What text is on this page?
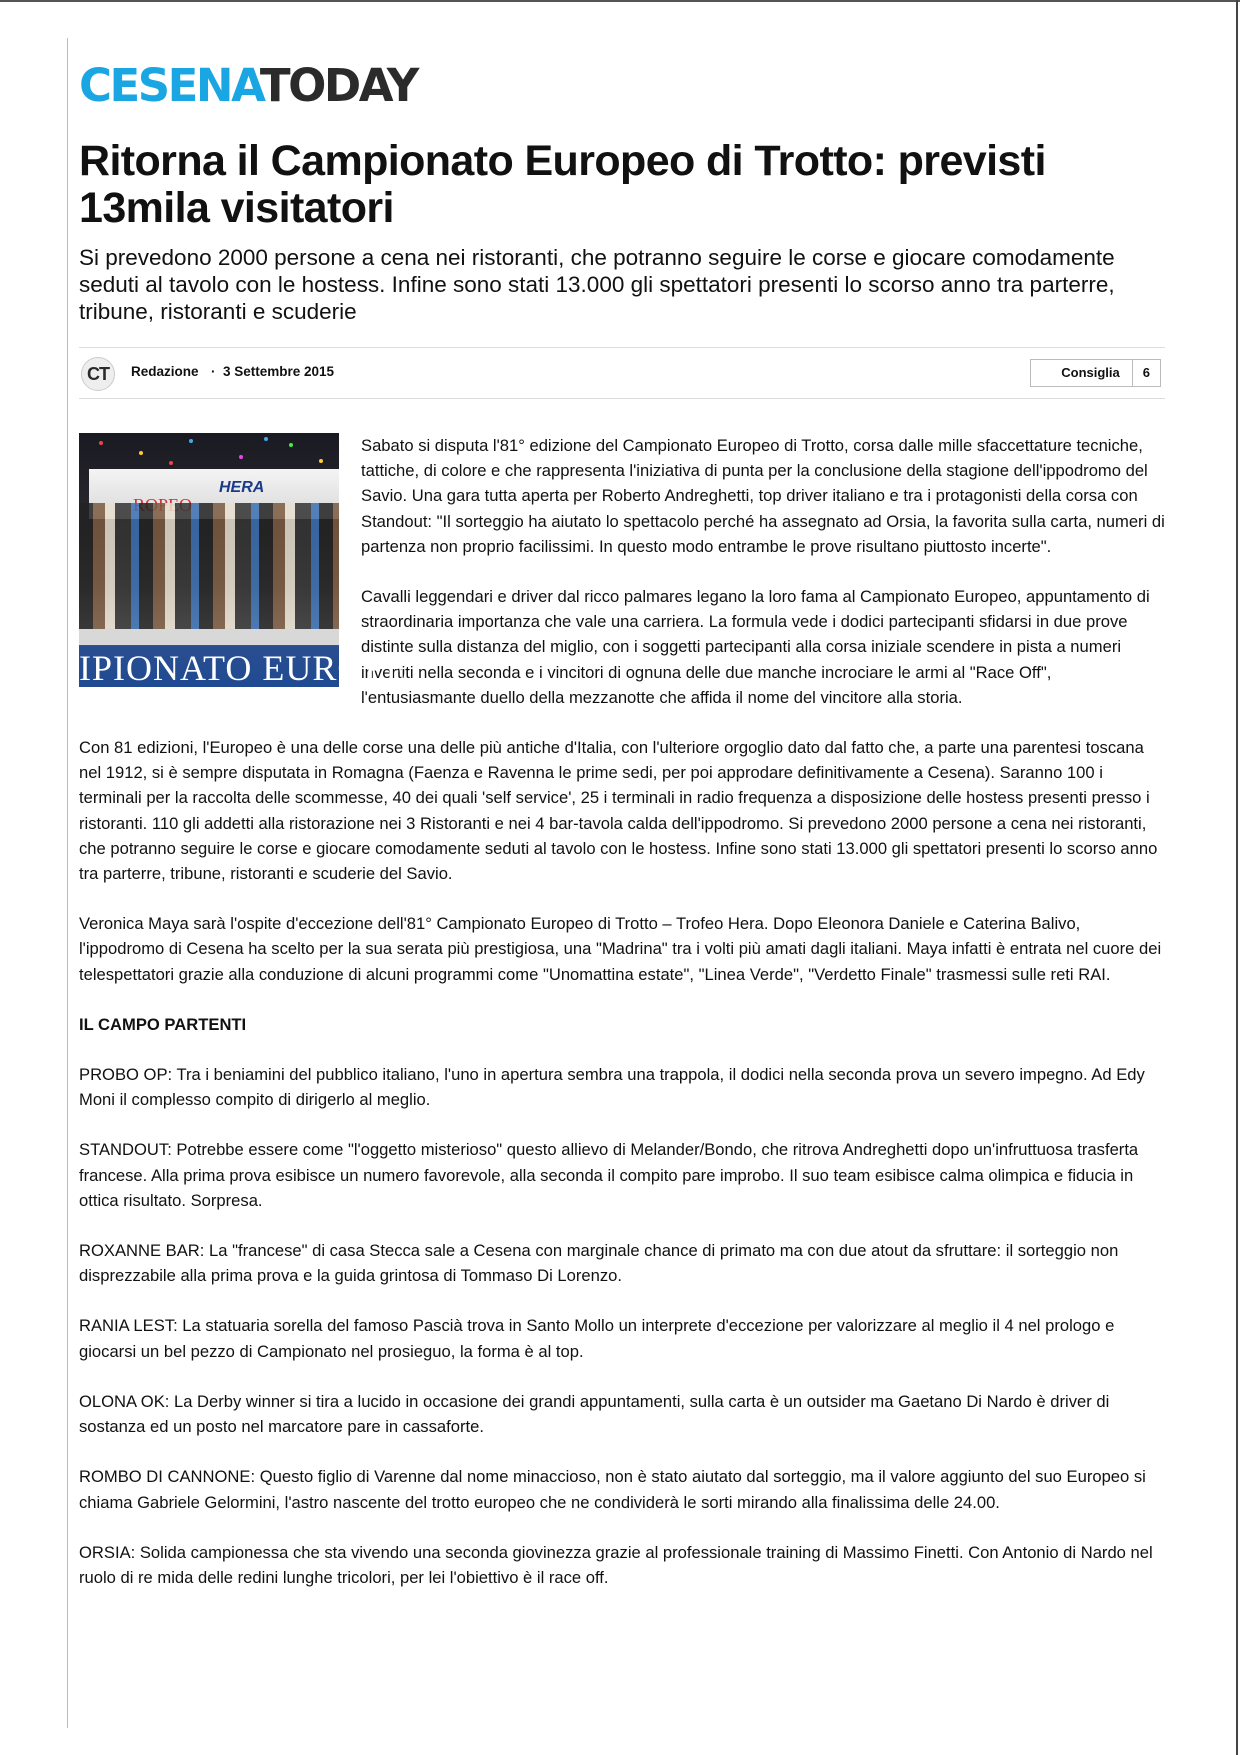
CESENATODAY
Ritorna il Campionato Europeo di Trotto: previsti 13mila visitatori
Si prevedono 2000 persone a cena nei ristoranti, che potranno seguire le corse e giocare comodamente seduti al tavolo con le hostess. Infine sono stati 13.000 gli spettatori presenti lo scorso anno tra parterre, tribune, ristoranti e scuderie
CT	Redazione · 3 Settembre 2015	Consiglia	6
HERA
IPIONATO EUROPE

Sabato si disputa l'81° edizione del Campionato Europeo di Trotto, corsa dalle mille sfaccettature tecniche, tattiche, di colore e che rappresenta l'iniziativa di punta per la conclusione della stagione dell'ippodromo del Savio. Una gara tutta aperta per Roberto Andreghetti, top driver italiano e tra i protagonisti della corsa con Standout: "Il sorteggio ha aiutato lo spettacolo perché ha assegnato ad Orsia, la favorita sulla carta, numeri di partenza non proprio facilissimi. In questo modo entrambe le prove risultano piuttosto incerte".

Cavalli leggendari e driver dal ricco palmares legano la loro fama al Campionato Europeo, appuntamento di straordinaria importanza che vale una carriera. La formula vede i dodici partecipanti sfidarsi in due prove distinte sulla distanza del miglio, con i soggetti partecipanti alla corsa iniziale scendere in pista a numeri invertiti nella seconda e i vincitori di ognuna delle due manche incrociare le armi al "Race Off", l'entusiasmante duello della mezzanotte che affida il nome del vincitore alla storia.

Con 81 edizioni, l'Europeo è una delle corse una delle più antiche d'Italia, con l'ulteriore orgoglio dato dal fatto che, a parte una parentesi toscana nel 1912, si è sempre disputata in Romagna (Faenza e Ravenna le prime sedi, per poi approdare definitivamente a Cesena). Saranno 100 i terminali per la raccolta delle scommesse, 40 dei quali 'self service', 25 i terminali in radio frequenza a disposizione delle hostess presenti presso i ristoranti. 110 gli addetti alla ristorazione nei 3 Ristoranti e nei 4 bar-tavola calda dell'ippodromo. Si prevedono 2000 persone a cena nei ristoranti, che potranno seguire le corse e giocare comodamente seduti al tavolo con le hostess. Infine sono stati 13.000 gli spettatori presenti lo scorso anno tra parterre, tribune, ristoranti e scuderie del Savio.

Veronica Maya sarà l'ospite d'eccezione dell'81° Campionato Europeo di Trotto – Trofeo Hera. Dopo Eleonora Daniele e Caterina Balivo, l'ippodromo di Cesena ha scelto per la sua serata più prestigiosa, una "Madrina" tra i volti più amati dagli italiani. Maya infatti è entrata nel cuore dei telespettatori grazie alla conduzione di alcuni programmi come "Unomattina estate", "Linea Verde", "Verdetto Finale" trasmessi sulle reti RAI.

IL CAMPO PARTENTI

PROBO OP: Tra i beniamini del pubblico italiano, l'uno in apertura sembra una trappola, il dodici nella seconda prova un severo impegno. Ad Edy Moni il complesso compito di dirigerlo al meglio.

STANDOUT: Potrebbe essere come "l'oggetto misterioso" questo allievo di Melander/Bondo, che ritrova Andreghetti dopo un'infruttuosa trasferta francese. Alla prima prova esibisce un numero favorevole, alla seconda il compito pare improbo. Il suo team esibisce calma olimpica e fiducia in ottica risultato. Sorpresa.

ROXANNE BAR: La "francese" di casa Stecca sale a Cesena con marginale chance di primato ma con due atout da sfruttare: il sorteggio non disprezzabile alla prima prova e la guida grintosa di Tommaso Di Lorenzo.

RANIA LEST: La statuaria sorella del famoso Pascià trova in Santo Mollo un interprete d'eccezione per valorizzare al meglio il 4 nel prologo e giocarsi un bel pezzo di Campionato nel prosieguo, la forma è al top.

OLONA OK: La Derby winner si tira a lucido in occasione dei grandi appuntamenti, sulla carta è un outsider ma Gaetano Di Nardo è driver di sostanza ed un posto nel marcatore pare in cassaforte.

ROMBO DI CANNONE: Questo figlio di Varenne dal nome minaccioso, non è stato aiutato dal sorteggio, ma il valore aggiunto del suo Europeo si chiama Gabriele Gelormini, l'astro nascente del trotto europeo che ne condividerà le sorti mirando alla finalissima delle 24.00.

ORSIA: Solida campionessa che sta vivendo una seconda giovinezza grazie al professionale training di Massimo Finetti. Con Antonio di Nardo nel ruolo di re mida delle redini lunghe tricolori, per lei l'obiettivo è il race off.
